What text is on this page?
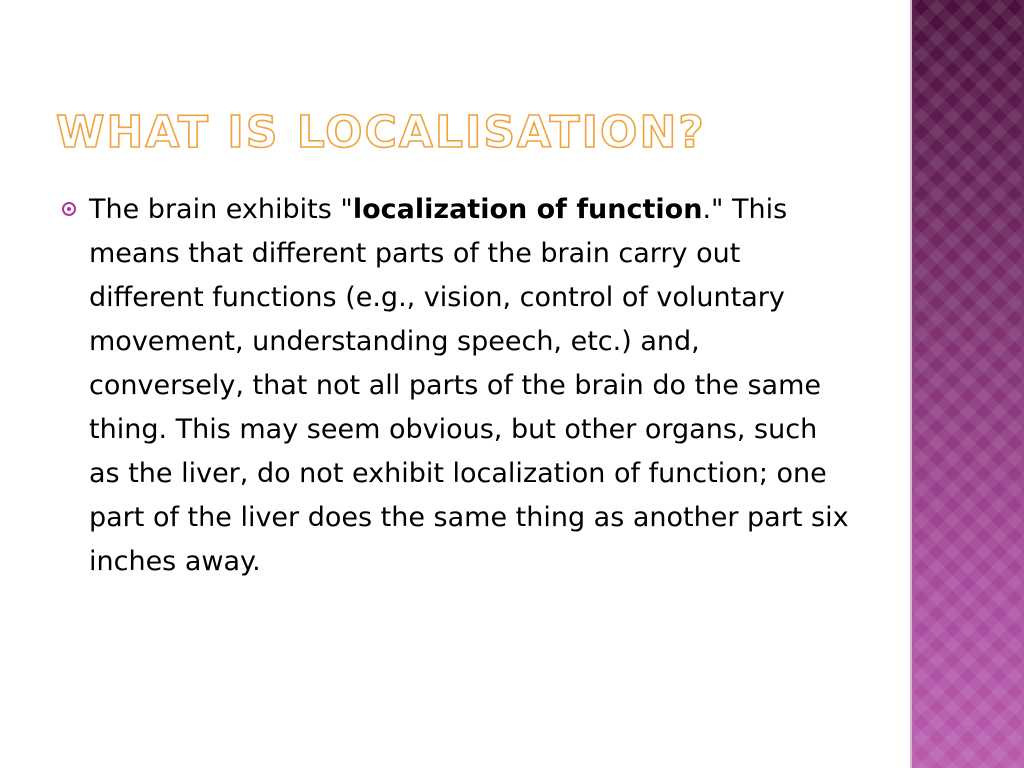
WHAT IS LOCALISATION?
The brain exhibits "localization of function." This means that different parts of the brain carry out different functions (e.g., vision, control of voluntary movement, understanding speech, etc.) and, conversely, that not all parts of the brain do the same thing. This may seem obvious, but other organs, such as the liver, do not exhibit localization of function; one part of the liver does the same thing as another part six inches away.
